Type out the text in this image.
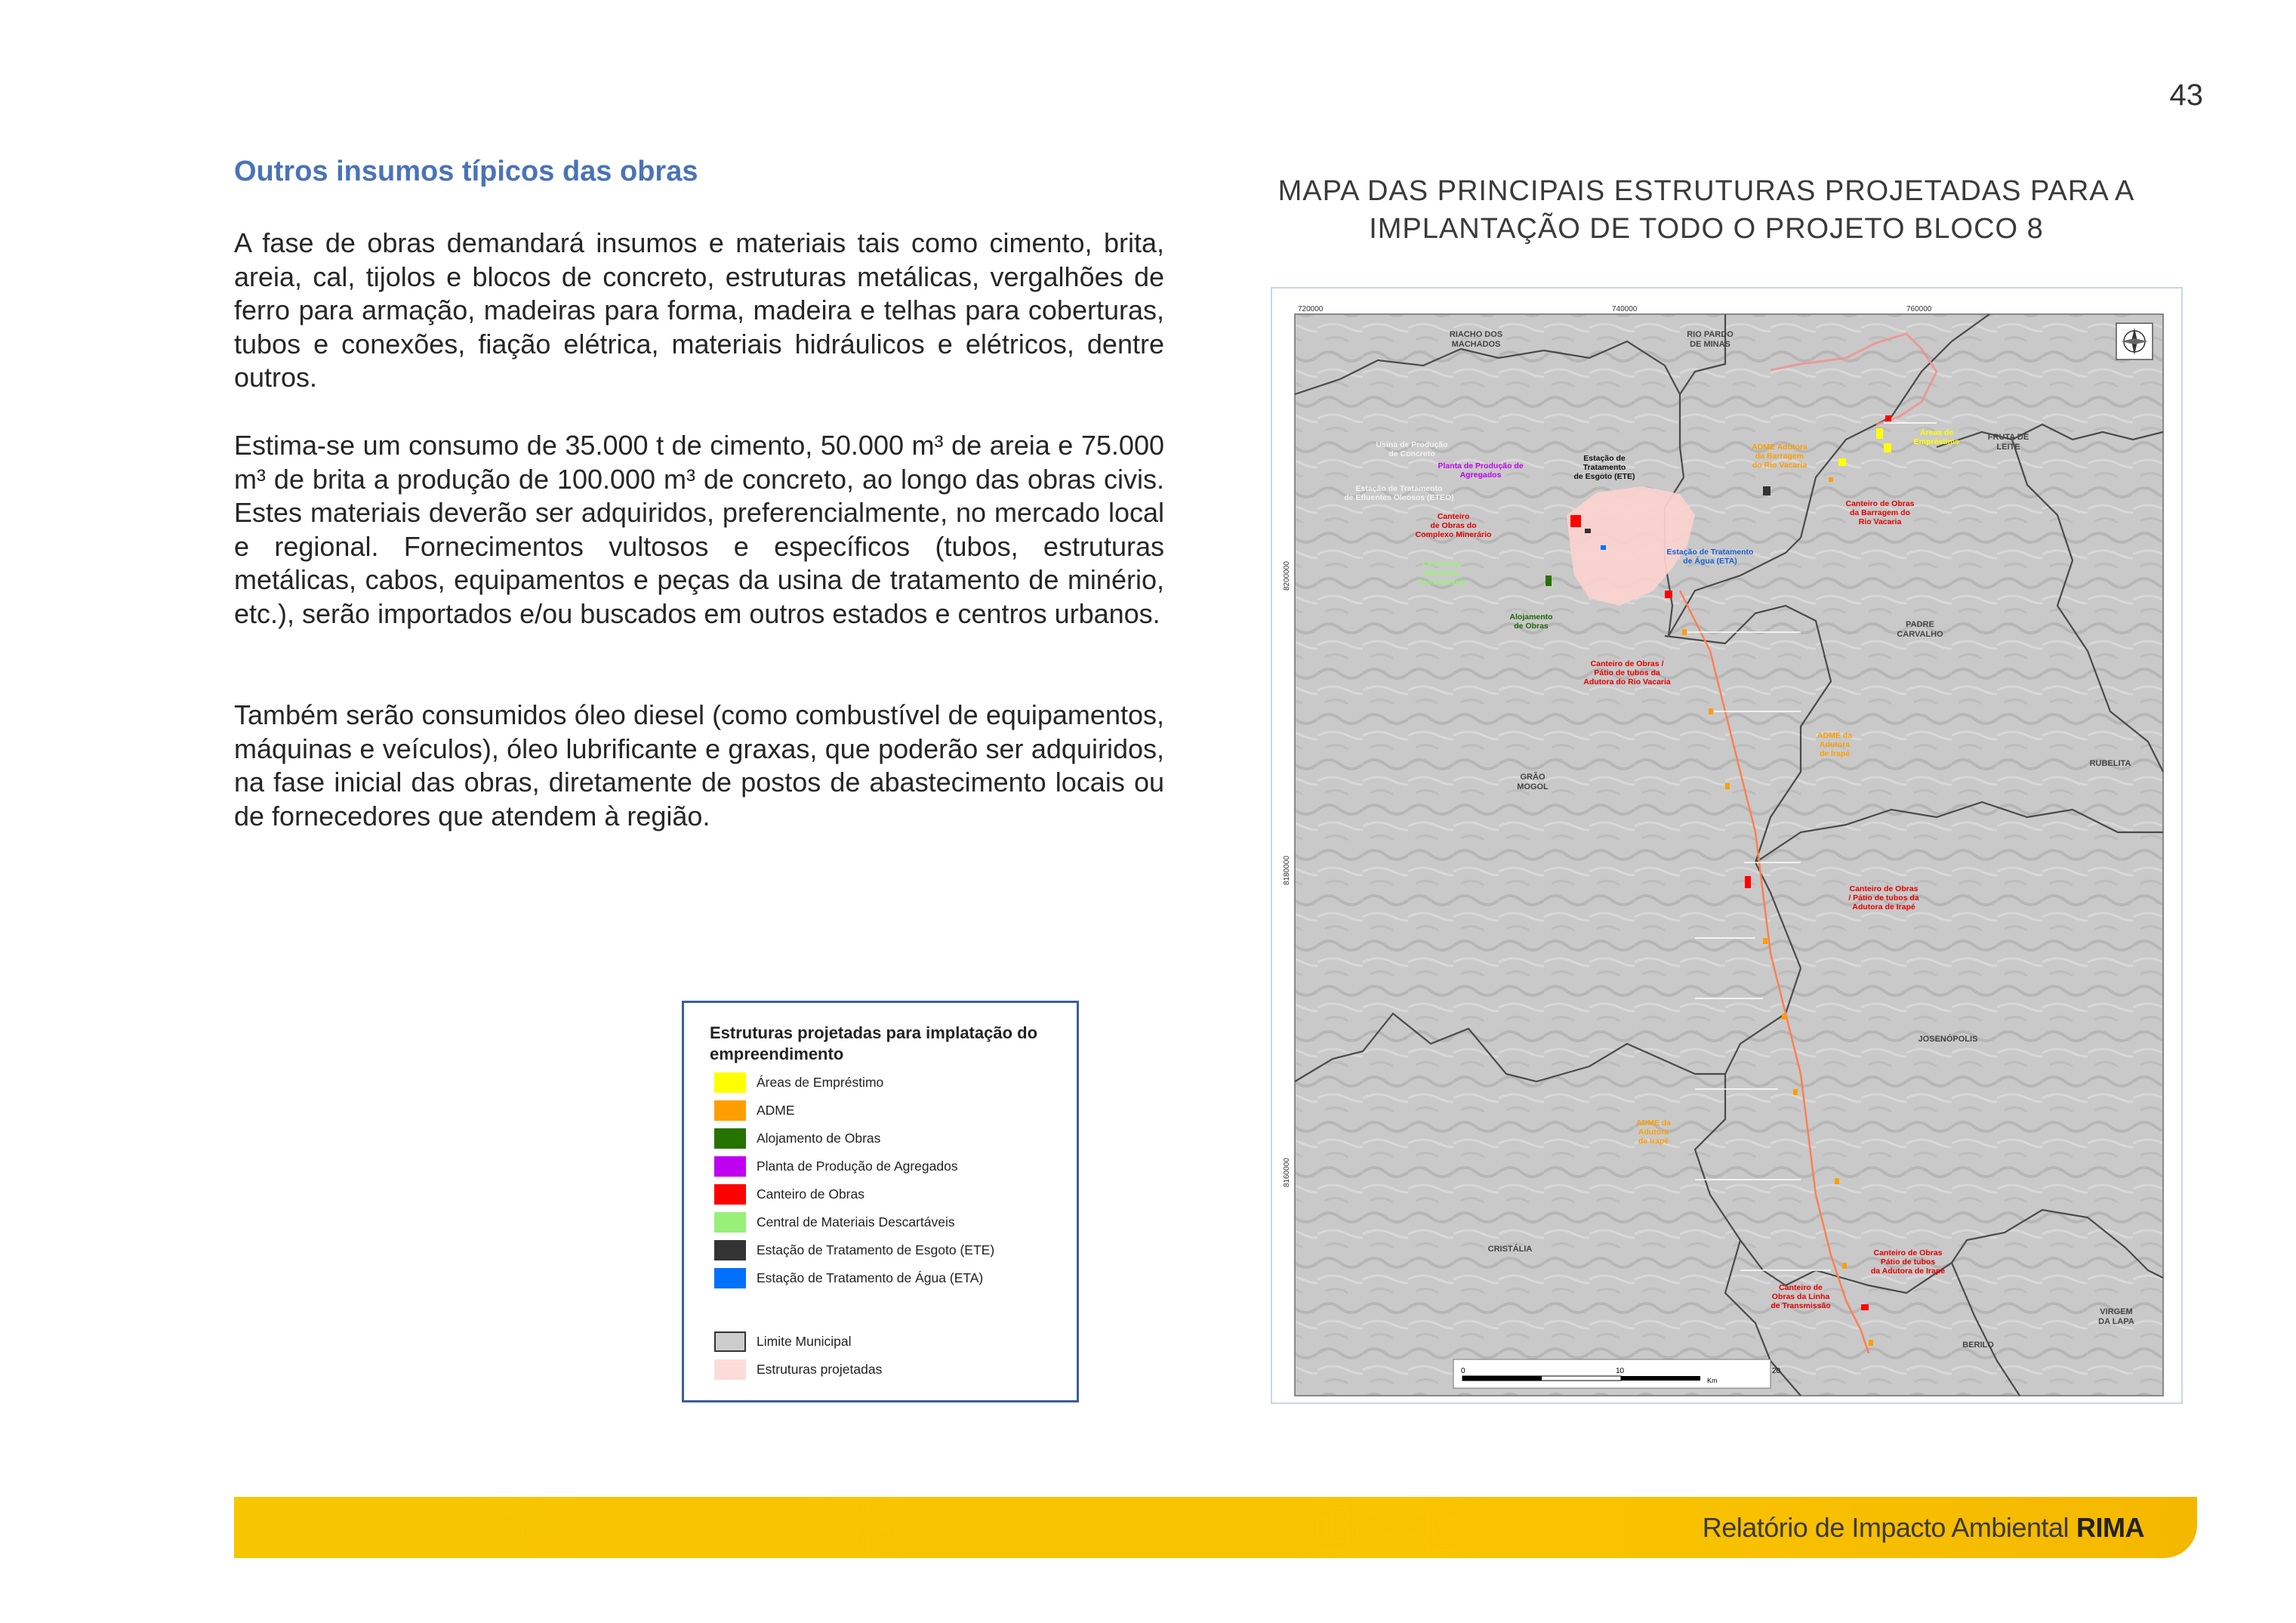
43
Outros insumos típicos das obras

A fase de obras demandará insumos e materiais tais como cimento, brita, areia, cal, tijolos e blocos de concreto, estruturas metálicas, vergalhões de ferro para armação, madeiras para forma, madeira e telhas para coberturas, tubos e conexões, fiação elétrica, materiais hidráulicos e elétricos, dentre outros.

Estima-se um consumo de 35.000 t de cimento, 50.000 m³ de areia e 75.000 m³ de brita a produção de 100.000 m³ de concreto, ao longo das obras civis. Estes materiais deverão ser adquiridos, preferencialmente, no mercado local e regional. Fornecimentos vultosos e específicos (tubos, estruturas metálicas, cabos, equipamentos e peças da usina de tratamento de minério, etc.), serão importados e/ou buscados em outros estados e centros urbanos.

Também serão consumidos óleo diesel (como combustível de equipamentos, máquinas e veículos), óleo lubrificante e graxas, que poderão ser adquiridos, na fase inicial das obras, diretamente de postos de abastecimento locais ou de fornecedores que atendem à região.

MAPA DAS PRINCIPAIS ESTRUTURAS PROJETADAS PARA A
IMPLANTAÇÃO DE TODO O PROJETO BLOCO 8
720000	740000	760000
8200000
8180000
8160000
RIACHO DOS MACHADOS
RIO PARDO DE MINAS
FRUTA DE LEITE
PADRE CARVALHO
GRÃO MOGOL
RUBELITA
JOSENÓPOLIS
CRISTÁLIA
VIRGEM DA LAPA
BERILO
Usina de Produção de Concreto
Planta de Produção de Agregados
Estação de Tratamento de Esgoto (ETE)
Estação de Tratamento de Efluentes Oleosos (ETEO)
Canteiro de Obras do Complexo Minerário
Estação de Tratamento de Água (ETA)
Central de Materiais Descartáveis
Alojamento de Obras
ADME Adutora da Barragem do Rio Vacaria
Áreas de Empréstimo
Canteiro de Obras da Barragem do Rio Vacaria
Canteiro de Obras / Pátio de tubos da Adutora do Rio Vacaria
ADME da Adutora de Irapé
Canteiro de Obras / Pátio de tubos da Adutora de Irapé
ADME da Adutora de Irapé
Canteiro de Obras Pátio de tubos da Adutora de Irapé
Canteiro de Obras da Linha de Transmissão
0	10	20
Km
Estruturas projetadas para implatação do empreendimento
Áreas de Empréstimo
ADME
Alojamento de Obras
Planta de Produção de Agregados
Canteiro de Obras
Central de Materiais Descartáveis
Estação de Tratamento de Esgoto (ETE)
Estação de Tratamento de Água (ETA)
Limite Municipal
Estruturas projetadas
Relatório de Impacto Ambiental RIMA
